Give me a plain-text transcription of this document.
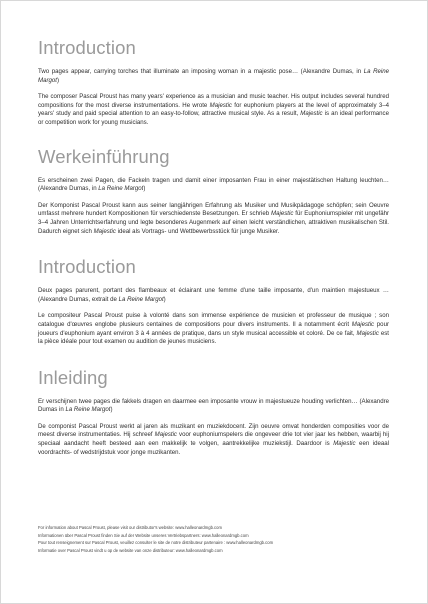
Introduction

Two pages appear, carrying torches that illuminate an imposing woman in a majestic pose… (Alexandre Dumas, in La Reine Margot)

The composer Pascal Proust has many years' experience as a musician and music teacher. His output includes several hundred compositions for the most diverse instrumentations. He wrote Majestic for euphonium players at the level of approximately 3–4 years' study and paid special attention to an easy-to-follow, attractive musical style. As a result, Majestic is an ideal performance or competition work for young musicians.

Werkeinführung

Es erscheinen zwei Pagen, die Fackeln tragen und damit einer imposanten Frau in einer majestätischen Haltung leuchten… (Alexandre Dumas, in La Reine Margot)

Der Komponist Pascal Proust kann aus seiner langjährigen Erfahrung als Musiker und Musikpädagoge schöpfen; sein Oeuvre umfasst mehrere hundert Kompositionen für verschiedenste Besetzungen. Er schrieb Majestic für Euphoniumspieler mit ungefähr 3–4 Jahren Unterrichtserfahrung und legte besonderes Augenmerk auf einen leicht verständlichen, attraktiven musikalischen Stil. Dadurch eignet sich Majestic ideal als Vortrags- und Wettbewerbsstück für junge Musiker.

Introduction

Deux pages parurent, portant des flambeaux et éclairant une femme d'une taille imposante, d'un maintien majestueux … (Alexandre Dumas, extrait de La Reine Margot)

Le compositeur Pascal Proust puise à volonté dans son immense expérience de musicien et professeur de musique ; son catalogue d'œuvres englobe plusieurs centaines de compositions pour divers instruments. Il a notamment écrit Majestic pour joueurs d'euphonium ayant environ 3 à 4 années de pratique, dans un style musical accessible et coloré. De ce fait, Majestic est la pièce idéale pour tout examen ou audition de jeunes musiciens.

Inleiding

Er verschijnen twee pages die fakkels dragen en daarmee een imposante vrouw in majestueuze houding verlichten… (Alexandre Dumas in La Reine Margot)

De componist Pascal Proust werkt al jaren als muzikant en muziekdocent. Zijn oeuvre omvat honderden composities voor de meest diverse instrumentaties. Hij schreef Majestic voor euphoniumspelers die ongeveer drie tot vier jaar les hebben, waarbij hij speciaal aandacht heeft besteed aan een makkelijk te volgen, aantrekkelijke muziekstijl. Daardoor is Majestic een ideaal voordrachts- of wedstrijdstuk voor jonge muzikanten.

For information about Pascal Proust, please visit our distributor's website: www.halleonardmgb.com
Informationen über Pascal Proust finden Sie auf der Website unseres Vertriebspartners: www.halleonardmgb.com
Pour tout renseignement sur Pascal Proust, veuillez consulter le site de notre distributeur partenaire : www.halleonardmgb.com
Informatie over Pascal Proust vindt u op de website van onze distributeur: www.halleonardmgb.com
